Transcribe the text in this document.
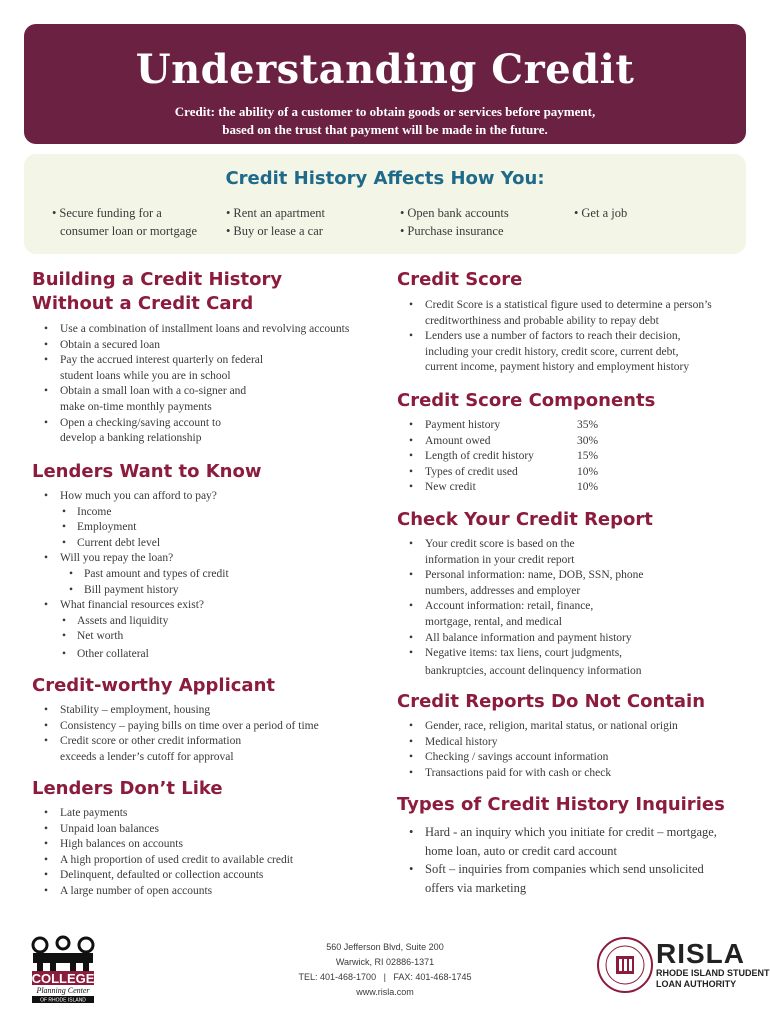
Understanding Credit
Credit: the ability of a customer to obtain goods or services before payment,
based on the trust that payment will be made in the future.
Credit History Affects How You:
• Secure funding for a
consumer loan or mortgage
• Rent an apartment
• Buy or lease a car
• Open bank accounts
• Purchase insurance
• Get a job
Building a Credit History
Without a Credit Card
• Use a combination of installment loans and revolving accounts
• Obtain a secured loan
• Pay the accrued interest quarterly on federal
student loans while you are in school
• Obtain a small loan with a co-signer and
make on-time monthly payments
• Open a checking/saving account to
develop a banking relationship
Lenders Want to Know
• How much you can afford to pay?
• Income
• Employment
• Current debt level
• Will you repay the loan?
• Past amount and types of credit
• Bill payment history
• What financial resources exist?
• Assets and liquidity
• Net worth
• Other collateral
Credit-worthy Applicant
• Stability – employment, housing
• Consistency – paying bills on time over a period of time
• Credit score or other credit information
exceeds a lender’s cutoff for approval
Lenders Don’t Like
• Late payments
• Unpaid loan balances
• High balances on accounts
• A high proportion of used credit to available credit
• Delinquent, defaulted or collection accounts
• A large number of open accounts
Credit Score
• Credit Score is a statistical figure used to determine a person’s
creditworthiness and probable ability to repay debt
• Lenders use a number of factors to reach their decision,
including your credit history, credit score, current debt,
current income, payment history and employment history
Credit Score Components
• Payment history	35%
• Amount owed	30%
• Length of credit history	15%
• Types of credit used	10%
• New credit	10%
Check Your Credit Report
• Your credit score is based on the
information in your credit report
• Personal information: name, DOB, SSN, phone
numbers, addresses and employer
• Account information: retail, finance,
mortgage, rental, and medical
• All balance information and payment history
• Negative items: tax liens, court judgments,
bankruptcies, account delinquency information
Credit Reports Do Not Contain
• Gender, race, religion, marital status, or national origin
• Medical history
• Checking / savings account information
• Transactions paid for with cash or check
Types of Credit History Inquiries
• Hard - an inquiry which you initiate for credit – mortgage,
home loan, auto or credit card account
• Soft – inquiries from companies which send unsolicited
offers via marketing
COLLEGE
Planning Center
OF RHODE ISLAND
560 Jefferson Blvd, Suite 200
Warwick, RI 02886-1371
TEL: 401-468-1700   |   FAX: 401-468-1745
www.risla.com
RISLA
RHODE ISLAND STUDENT
LOAN AUTHORITY
